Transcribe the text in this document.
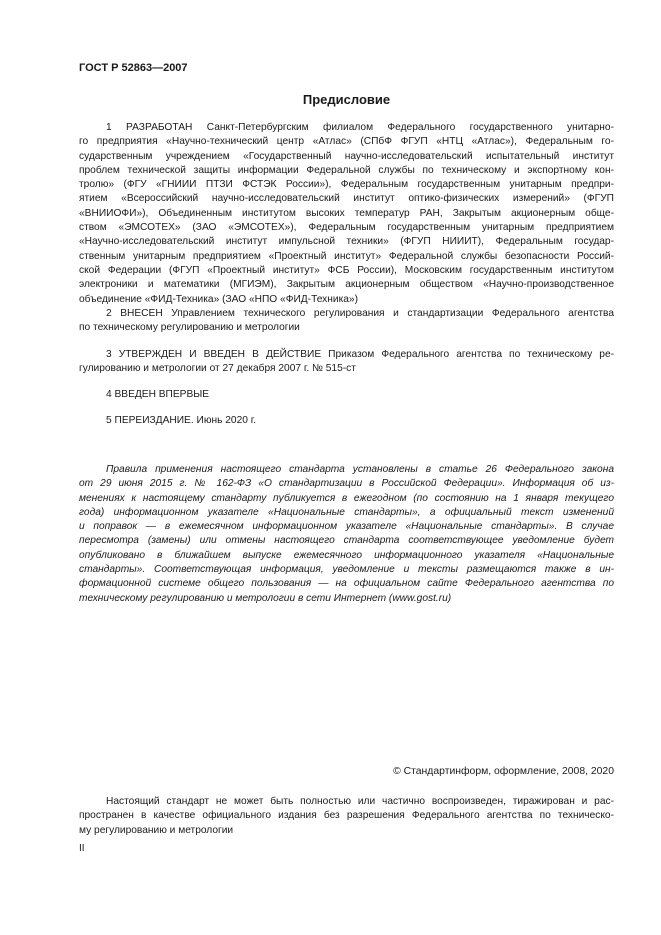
ГОСТ Р 52863—2007
Предисловие
1 РАЗРАБОТАН Санкт-Петербургским филиалом Федерального государственного унитарно-
го предприятия «Научно-технический центр «Атлас» (СПбФ ФГУП «НТЦ «Атлас»), Федеральным го-
сударственным учреждением «Государственный научно-исследовательский испытательный институт
проблем технической защиты информации Федеральной службы по техническому и экспортному кон-
тролю» (ФГУ «ГНИИИ ПТЗИ ФСТЭК России»), Федеральным государственным унитарным предпри-
ятием «Всероссийский научно-исследовательский институт оптико-физических измерений» (ФГУП
«ВНИИОФИ»), Объединенным институтом высоких температур РАН, Закрытым акционерным обще-
ством «ЭМСОТЕХ» (ЗАО «ЭМСОТЕХ»), Федеральным государственным унитарным предприятием
«Научно-исследовательский институт импульсной техники» (ФГУП НИИИТ), Федеральным государ-
ственным унитарным предприятием «Проектный институт» Федеральной службы безопасности Россий-
ской Федерации (ФГУП «Проектный институт» ФСБ России), Московским государственным институтом
электроники и математики (МГИЭМ), Закрытым акционерным обществом «Научно-производственное
объединение «ФИД-Техника» (ЗАО «НПО «ФИД-Техника»)
2 ВНЕСЕН Управлением технического регулирования и стандартизации Федерального агентства
по техническому регулированию и метрологии
3 УТВЕРЖДЕН И ВВЕДЕН В ДЕЙСТВИЕ Приказом Федерального агентства по техническому ре-
гулированию и метрологии от 27 декабря 2007 г. № 515-ст
4 ВВЕДЕН ВПЕРВЫЕ
5 ПЕРЕИЗДАНИЕ. Июнь 2020 г.
Правила применения настоящего стандарта установлены в статье 26 Федерального закона
от 29 июня 2015 г. № 162-ФЗ «О стандартизации в Российской Федерации». Информация об из-
менениях к настоящему стандарту публикуется в ежегодном (по состоянию на 1 января текущего
года) информационном указателе «Национальные стандарты», а официальный текст изменений
и поправок — в ежемесячном информационном указателе «Национальные стандарты». В случае
пересмотра (замены) или отмены настоящего стандарта соответствующее уведомление будет
опубликовано в ближайшем выпуске ежемесячного информационного указателя «Национальные
стандарты». Соответствующая информация, уведомление и тексты размещаются также в ин-
формационной системе общего пользования — на официальном сайте Федерального агентства по
техническому регулированию и метрологии в сети Интернет (www.gost.ru)
© Стандартинформ, оформление, 2008, 2020
Настоящий стандарт не может быть полностью или частично воспроизведен, тиражирован и рас-
пространен в качестве официального издания без разрешения Федерального агентства по техническо-
му регулированию и метрологии
II
